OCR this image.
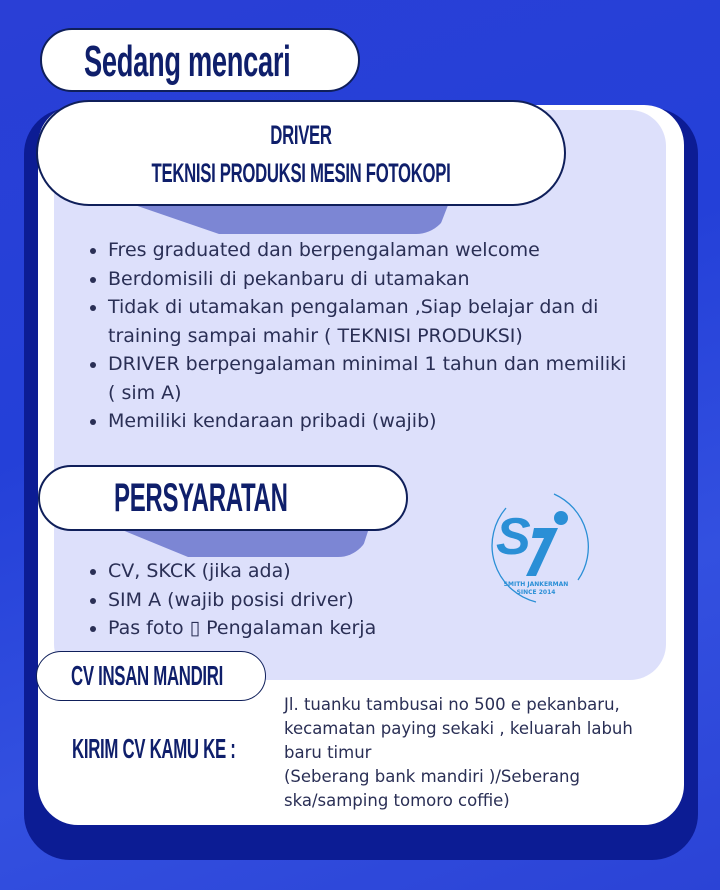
Sedang mencari
DRIVER
TEKNISI PRODUKSI MESIN FOTOKOPI
Fres graduated dan berpengalaman welcome
Berdomisili di pekanbaru di utamakan
Tidak di utamakan pengalaman ,Siap belajar dan di training sampai mahir ( TEKNISI PRODUKSI)
DRIVER berpengalaman minimal 1 tahun dan memiliki ( sim A)
Memiliki kendaraan pribadi (wajib)
PERSYARATAN
CV, SKCK (jika ada)
SIM A (wajib posisi driver)
Pas foto ▯ Pengalaman kerja
S
SMITH JANKERMAN
SINCE 2014
CV INSAN MANDIRI
KIRIM CV KAMU KE :
Jl. tuanku tambusai no 500 e pekanbaru,
kecamatan paying sekaki , keluarah labuh
baru timur
(Seberang bank mandiri )/Seberang
ska/samping tomoro coffie)
